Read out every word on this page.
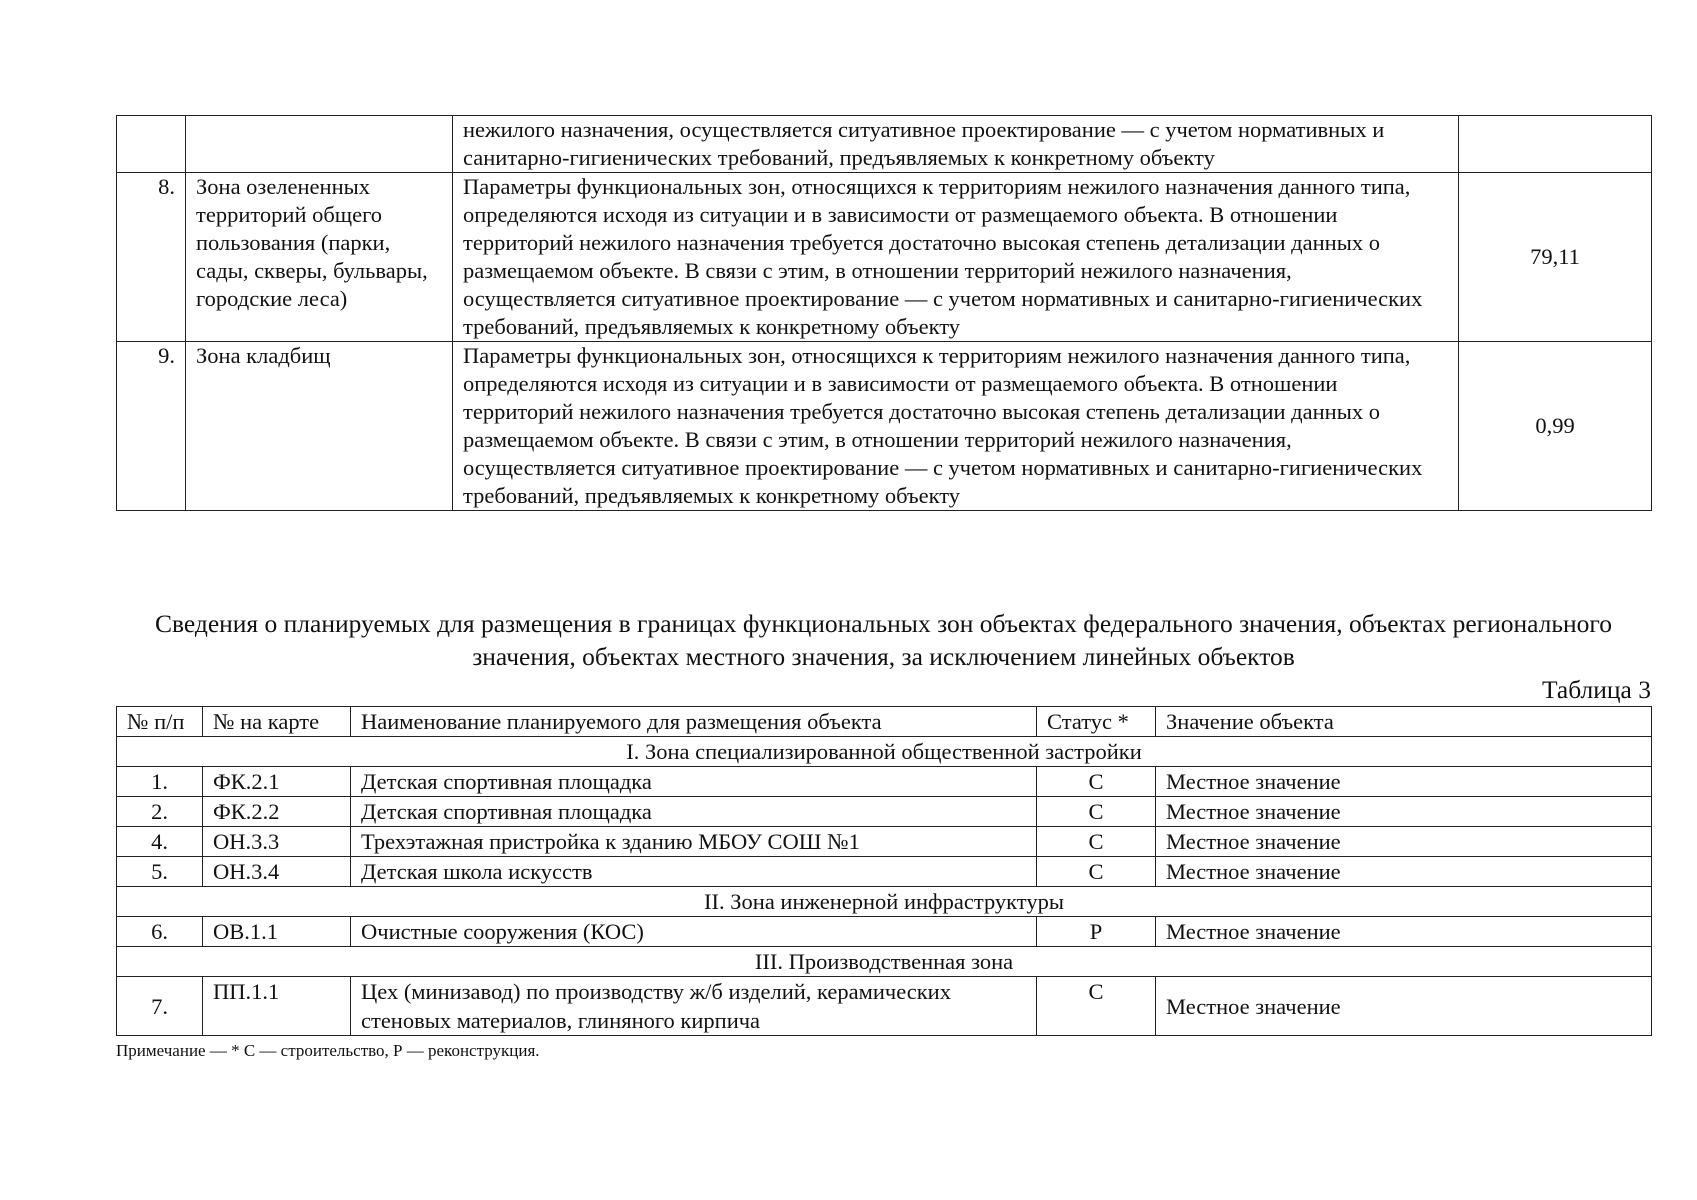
		нежилого назначения, осуществляется ситуативное проектирование — с учетом нормативных и санитарно-гигиенических требований, предъявляемых к конкретному объекту	
8.	Зона озелененных территорий общего пользования (парки, сады, скверы, бульвары, городские леса)	Параметры функциональных зон, относящихся к территориям нежилого назначения данного типа, определяются исходя из ситуации и в зависимости от размещаемого объекта. В отношении территорий нежилого назначения требуется достаточно высокая степень детализации данных о размещаемом объекте. В связи с этим, в отношении территорий нежилого назначения, осуществляется ситуативное проектирование — с учетом нормативных и санитарно-гигиенических требований, предъявляемых к конкретному объекту	79,11
9.	Зона кладбищ	Параметры функциональных зон, относящихся к территориям нежилого назначения данного типа, определяются исходя из ситуации и в зависимости от размещаемого объекта. В отношении территорий нежилого назначения требуется достаточно высокая степень детализации данных о размещаемом объекте. В связи с этим, в отношении территорий нежилого назначения, осуществляется ситуативное проектирование — с учетом нормативных и санитарно-гигиенических требований, предъявляемых к конкретному объекту	0,99
Сведения о планируемых для размещения в границах функциональных зон объектах федерального значения, объектах регионального значения, объектах местного значения, за исключением линейных объектов
Таблица 3
№ п/п	№ на карте	Наименование планируемого для размещения объекта	Статус *	Значение объекта
I. Зона специализированной общественной застройки				
1.	ФК.2.1	Детская спортивная площадка	С	Местное значение
2.	ФК.2.2	Детская спортивная площадка	С	Местное значение
4.	ОН.3.3	Трехэтажная пристройка к зданию МБОУ СОШ №1	С	Местное значение
5.	ОН.3.4	Детская школа искусств	С	Местное значение
II. Зона инженерной инфраструктуры				
6.	ОВ.1.1	Очистные сооружения (КОС)	Р	Местное значение
III. Производственная зона				
7.	ПП.1.1	Цех (минизавод) по производству ж/б изделий, керамических стеновых материалов, глиняного кирпича	С	Местное значение
Примечание — * С — строительство, Р — реконструкция.
